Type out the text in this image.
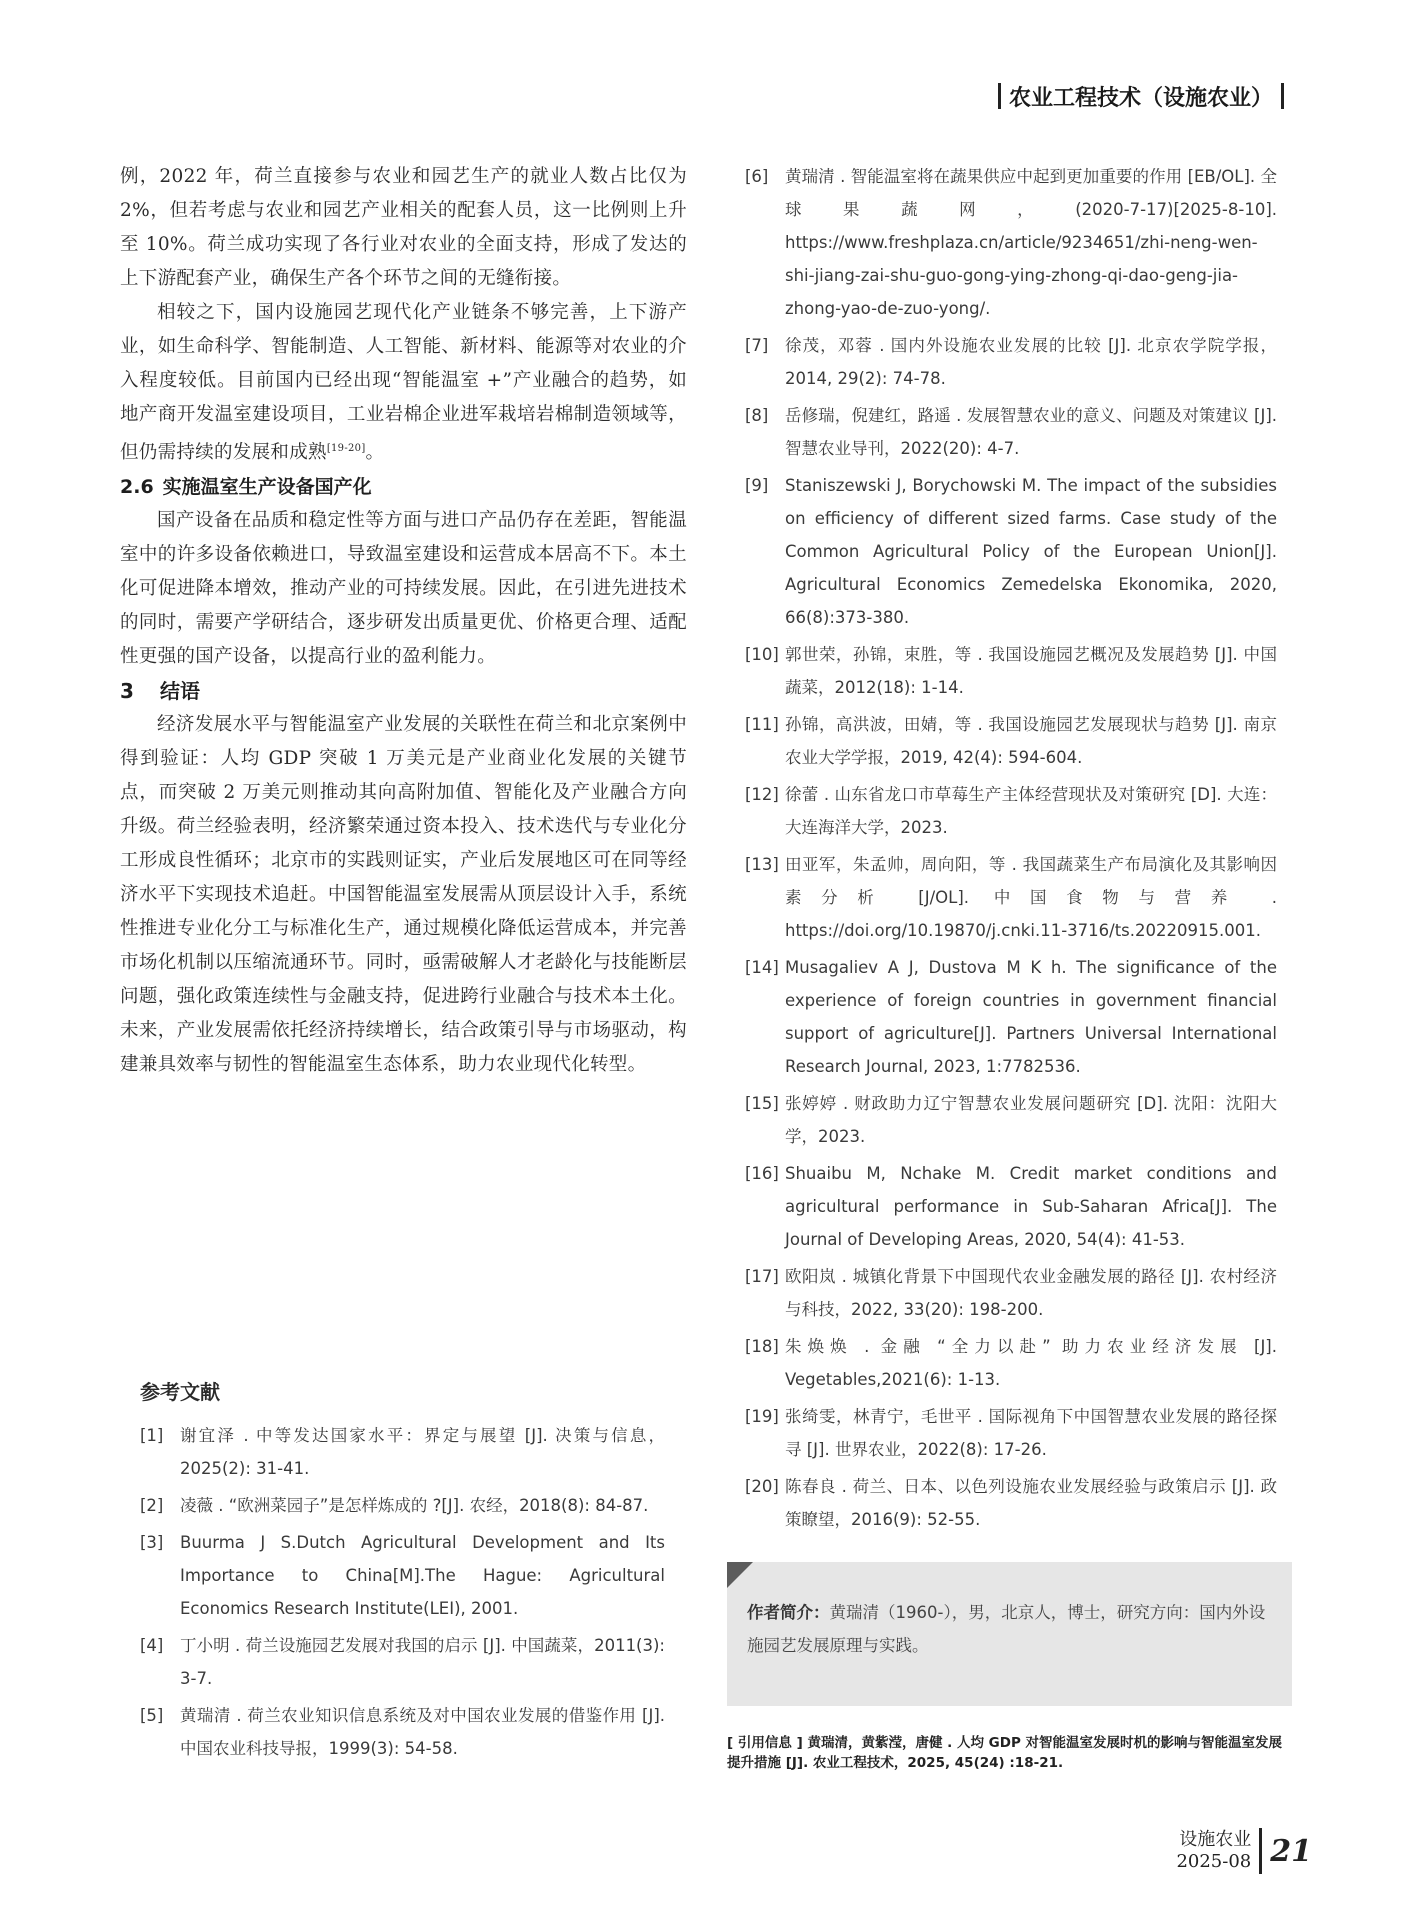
农业工程技术（设施农业）

例，2022 年，荷兰直接参与农业和园艺生产的就业人数占比仅为 2%，但若考虑与农业和园艺产业相关的配套人员，这一比例则上升至 10%。荷兰成功实现了各行业对农业的全面支持，形成了发达的上下游配套产业，确保生产各个环节之间的无缝衔接。

相较之下，国内设施园艺现代化产业链条不够完善，上下游产业，如生命科学、智能制造、人工智能、新材料、能源等对农业的介入程度较低。目前国内已经出现“智能温室 +”产业融合的趋势，如地产商开发温室建设项目，工业岩棉企业进军栽培岩棉制造领域等，但仍需持续的发展和成熟[19-20]。

2.6 实施温室生产设备国产化

国产设备在品质和稳定性等方面与进口产品仍存在差距，智能温室中的许多设备依赖进口，导致温室建设和运营成本居高不下。本土化可促进降本增效，推动产业的可持续发展。因此，在引进先进技术的同时，需要产学研结合，逐步研发出质量更优、价格更合理、适配性更强的国产设备，以提高行业的盈利能力。

3 结语

经济发展水平与智能温室产业发展的关联性在荷兰和北京案例中得到验证：人均 GDP 突破 1 万美元是产业商业化发展的关键节点，而突破 2 万美元则推动其向高附加值、智能化及产业融合方向升级。荷兰经验表明，经济繁荣通过资本投入、技术迭代与专业化分工形成良性循环；北京市的实践则证实，产业后发展地区可在同等经济水平下实现技术追赶。中国智能温室发展需从顶层设计入手，系统性推进专业化分工与标准化生产，通过规模化降低运营成本，并完善市场化机制以压缩流通环节。同时，亟需破解人才老龄化与技能断层问题，强化政策连续性与金融支持，促进跨行业融合与技术本土化。未来，产业发展需依托经济持续增长，结合政策引导与市场驱动，构建兼具效率与韧性的智能温室生态体系，助力农业现代化转型。

参考文献

[1]	谢宜泽 . 中等发达国家水平：界定与展望 [J]. 决策与信息，2025(2): 31-41.
[2]	凌薇 . “欧洲菜园子”是怎样炼成的 ?[J]. 农经，2018(8): 84-87.
[3]	Buurma J S.Dutch Agricultural Development and Its Importance to China[M].The Hague: Agricultural Economics Research Institute(LEI), 2001.
[4]	丁小明 . 荷兰设施园艺发展对我国的启示 [J]. 中国蔬菜，2011(3): 3-7.
[5]	黄瑞清 . 荷兰农业知识信息系统及对中国农业发展的借鉴作用 [J]. 中国农业科技导报，1999(3): 54-58.
[6]	黄瑞清 . 智能温室将在蔬果供应中起到更加重要的作用 [EB/OL]. 全球果蔬网，(2020-7-17)[2025-8-10]. https://www.freshplaza.cn/article/9234651/zhi-neng-wen-shi-jiang-zai-shu-guo-gong-ying-zhong-qi-dao-geng-jia-zhong-yao-de-zuo-yong/.
[7]	徐茂，邓蓉 . 国内外设施农业发展的比较 [J]. 北京农学院学报，2014, 29(2): 74-78.
[8]	岳修瑞，倪建红，路遥 . 发展智慧农业的意义、问题及对策建议 [J]. 智慧农业导刊，2022(20): 4-7.
[9]	Staniszewski J, Borychowski M. The impact of the subsidies on efficiency of different sized farms. Case study of the Common Agricultural Policy of the European Union[J]. Agricultural Economics Zemedelska Ekonomika, 2020, 66(8):373-380.
[10] 郭世荣，孙锦，束胜，等 . 我国设施园艺概况及发展趋势 [J]. 中国蔬菜，2012(18): 1-14.
[11] 孙锦，高洪波，田婧，等 . 我国设施园艺发展现状与趋势 [J]. 南京农业大学学报，2019, 42(4): 594-604.
[12] 徐蕾 . 山东省龙口市草莓生产主体经营现状及对策研究 [D]. 大连：大连海洋大学，2023.
[13] 田亚军，朱孟帅，周向阳，等 . 我国蔬菜生产布局演化及其影响因素分析 [J/OL]. 中国食物与营养 . https://doi.org/10.19870/j.cnki.11-3716/ts.20220915.001.
[14] Musagaliev A J, Dustova M K h. The significance of the experience of foreign countries in government financial support of agriculture[J]. Partners Universal International Research Journal, 2023, 1:7782536.
[15] 张婷婷 . 财政助力辽宁智慧农业发展问题研究 [D]. 沈阳：沈阳大学，2023.
[16] Shuaibu M, Nchake M. Credit market conditions and agricultural performance in Sub-Saharan Africa[J]. The Journal of Developing Areas, 2020, 54(4): 41-53.
[17] 欧阳岚 . 城镇化背景下中国现代农业金融发展的路径 [J]. 农村经济与科技，2022, 33(20): 198-200.
[18] 朱焕焕 . 金融 “全力以赴” 助力农业经济发展 [J]. Vegetables,2021(6): 1-13.
[19] 张绮雯，林青宁，毛世平 . 国际视角下中国智慧农业发展的路径探寻 [J]. 世界农业，2022(8): 17-26.
[20] 陈春良 . 荷兰、日本、以色列设施农业发展经验与政策启示 [J]. 政策瞭望，2016(9): 52-55.
作者简介：黄瑞清（1960-），男，北京人，博士，研究方向：国内外设施园艺发展原理与实践。
[ 引用信息 ] 黄瑞清，黄紫滢，唐健 . 人均 GDP 对智能温室发展时机的影响与智能温室发展提升措施 [J]. 农业工程技术，2025, 45(24) :18-21.
设施农业
2025-08 21
